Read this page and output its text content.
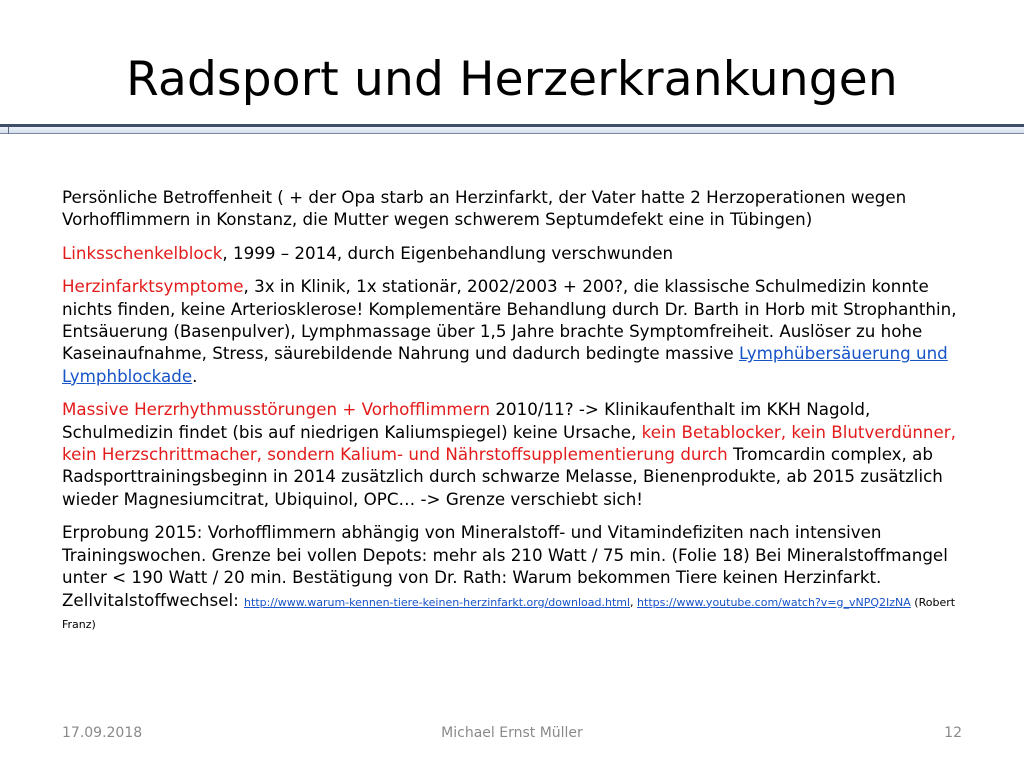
Radsport und Herzerkrankungen

Persönliche Betroffenheit ( + der Opa starb an Herzinfarkt, der Vater hatte 2 Herzoperationen wegen Vorhofflimmern in Konstanz, die Mutter wegen schwerem Septumdefekt eine in Tübingen)

Linksschenkelblock, 1999 – 2014, durch Eigenbehandlung verschwunden

Herzinfarktsymptome, 3x in Klinik, 1x stationär, 2002/2003 + 200?, die klassische Schulmedizin konnte nichts finden, keine Arteriosklerose! Komplementäre Behandlung durch Dr. Barth in Horb mit Strophanthin, Entsäuerung (Basenpulver), Lymphmassage über 1,5 Jahre brachte Symptomfreiheit. Auslöser zu hohe Kaseinaufnahme, Stress, säurebildende Nahrung und dadurch bedingte massive Lymphübersäuerung und Lymphblockade.

Massive Herzrhythmusstörungen + Vorhofflimmern 2010/11? -> Klinikaufenthalt im KKH Nagold, Schulmedizin findet (bis auf niedrigen Kaliumspiegel) keine Ursache, kein Betablocker, kein Blutverdünner, kein Herzschrittmacher, sondern Kalium- und Nährstoffsupplementierung durch Tromcardin complex, ab Radsporttrainingsbeginn in 2014 zusätzlich durch schwarze Melasse, Bienenprodukte, ab 2015 zusätzlich wieder Magnesiumcitrat, Ubiquinol, OPC… -> Grenze verschiebt sich!

Erprobung 2015: Vorhofflimmern abhängig von Mineralstoff- und Vitamindefiziten nach intensiven Trainingswochen. Grenze bei vollen Depots: mehr als 210 Watt / 75 min. (Folie 18) Bei Mineralstoffmangel unter < 190 Watt / 20 min. Bestätigung von Dr. Rath: Warum bekommen Tiere keinen Herzinfarkt. Zellvitalstoffwechsel: http://www.warum-kennen-tiere-keinen-herzinfarkt.org/download.html, https://www.youtube.com/watch?v=g_vNPQ2IzNA (Robert Franz)

Michael Ernst Müller
17.09.2018	12
